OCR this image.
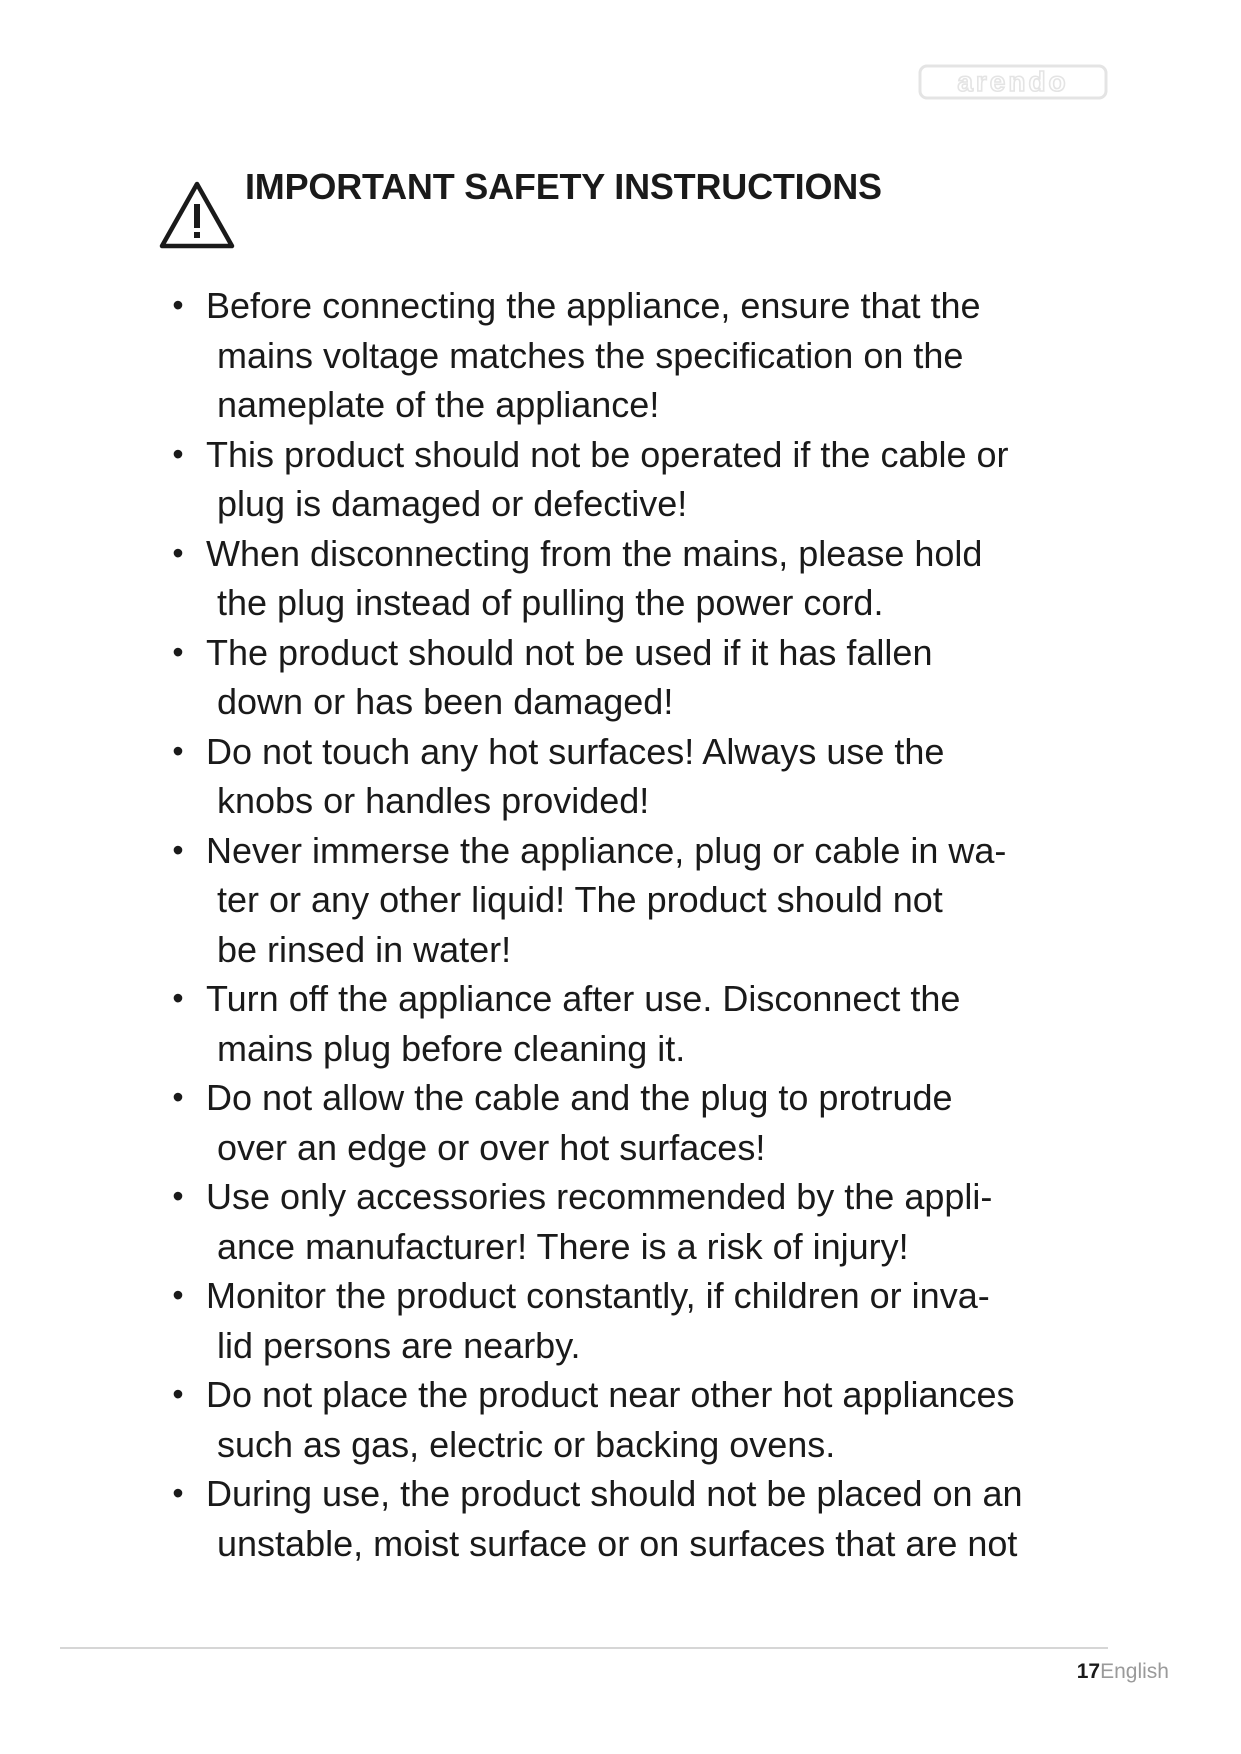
arendo
IMPORTANT SAFETY INSTRUCTIONS
• Before connecting the appliance, ensure that the
mains voltage matches the specification on the
nameplate of the appliance!
• This product should not be operated if the cable or
plug is damaged or defective!
• When disconnecting from the mains, please hold
the plug instead of pulling the power cord.
• The product should not be used if it has fallen
down or has been damaged!
• Do not touch any hot surfaces! Always use the
knobs or handles provided!
• Never immerse the appliance, plug or cable in wa-
ter or any other liquid! The product should not
be rinsed in water!
• Turn off the appliance after use. Disconnect the
mains plug before cleaning it.
• Do not allow the cable and the plug to protrude
over an edge or over hot surfaces!
• Use only accessories recommended by the appli-
ance manufacturer! There is a risk of injury!
• Monitor the product constantly, if children or inva-
lid persons are nearby.
• Do not place the product near other hot appliances
such as gas, electric or backing ovens.
• During use, the product should not be placed on an
unstable, moist surface or on surfaces that are not
17English
